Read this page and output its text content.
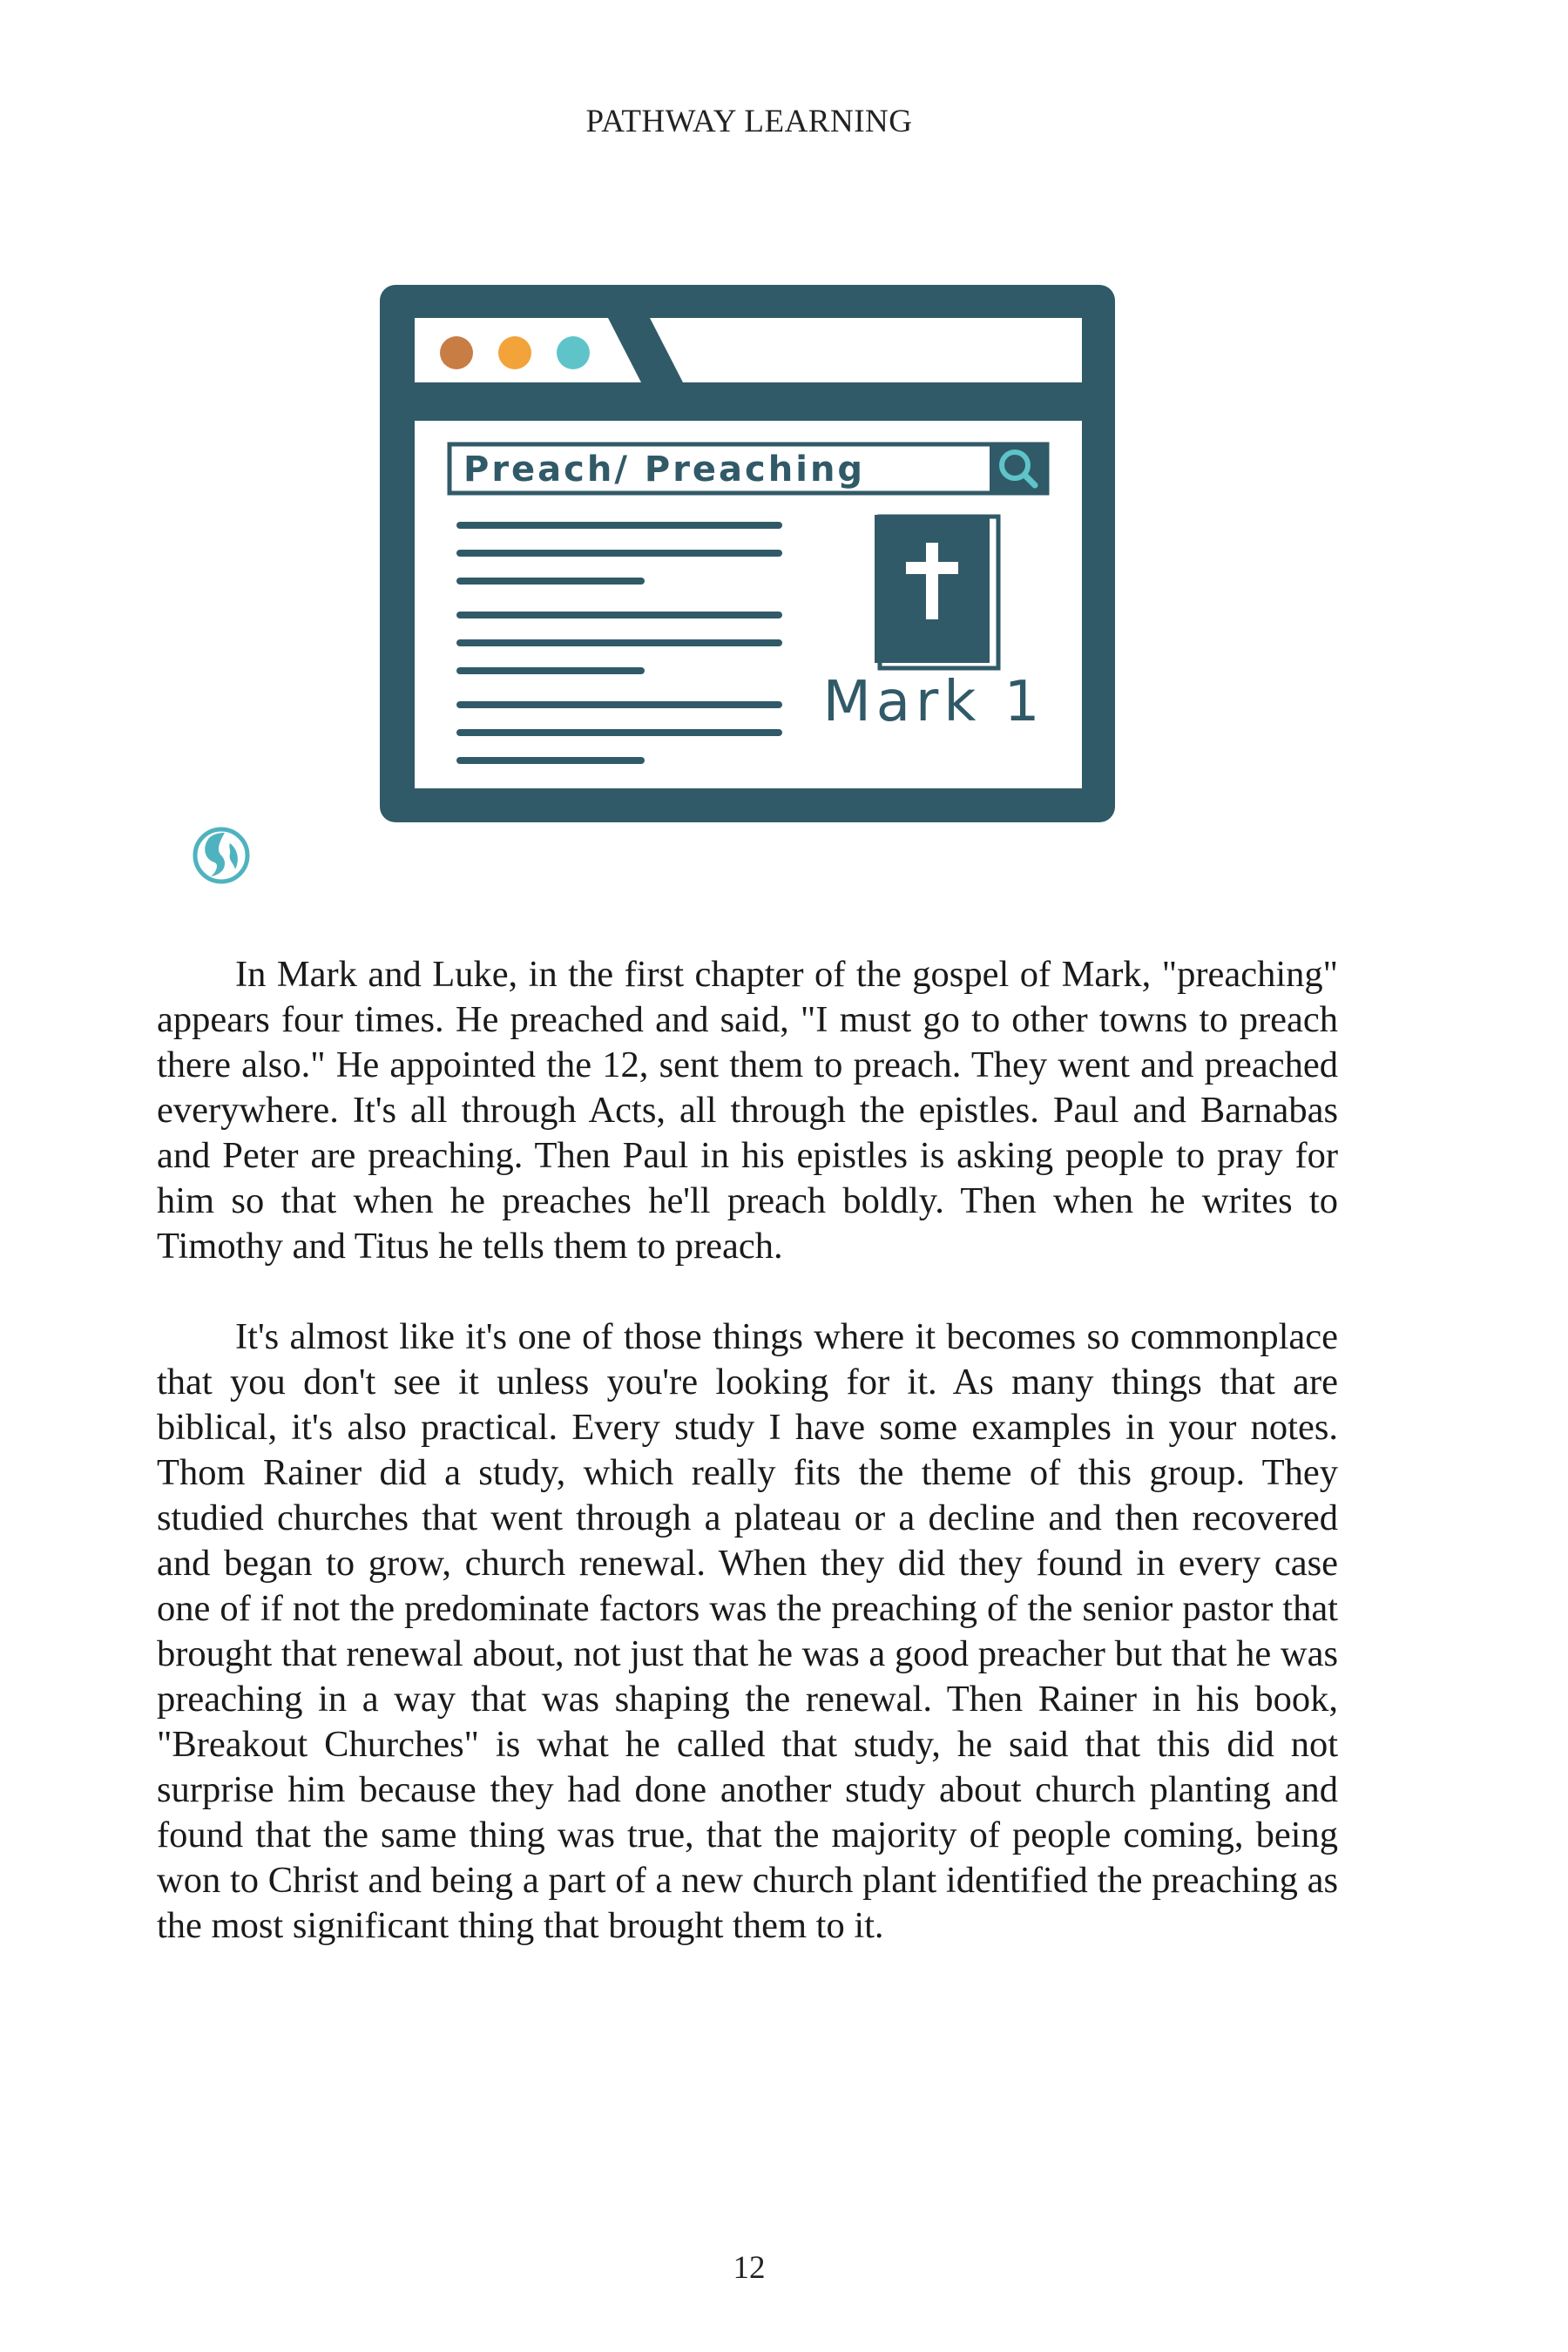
PATHWAY LEARNING
Preach/ Preaching
Mark 1

In Mark and Luke, in the first chapter of the gospel of Mark, "preaching" appears four times. He preached and said, "I must go to other towns to preach there also." He appointed the 12, sent them to preach. They went and preached everywhere. It's all through Acts, all through the epistles. Paul and Barnabas and Peter are preaching. Then Paul in his epistles is asking people to pray for him so that when he preaches he'll preach boldly. Then when he writes to Timothy and Titus he tells them to preach.

It's almost like it's one of those things where it becomes so commonplace that you don't see it unless you're looking for it. As many things that are biblical, it's also practical. Every study I have some examples in your notes. Thom Rainer did a study, which really fits the theme of this group. They studied churches that went through a plateau or a decline and then recovered and began to grow, church renewal. When they did they found in every case one of if not the predominate factors was the preaching of the senior pastor that brought that renewal about, not just that he was a good preacher but that he was preaching in a way that was shaping the renewal. Then Rainer in his book, "Breakout Churches" is what he called that study, he said that this did not surprise him because they had done another study about church planting and found that the same thing was true, that the majority of people coming, being won to Christ and being a part of a new church plant identified the preaching as the most significant thing that brought them to it.

12
